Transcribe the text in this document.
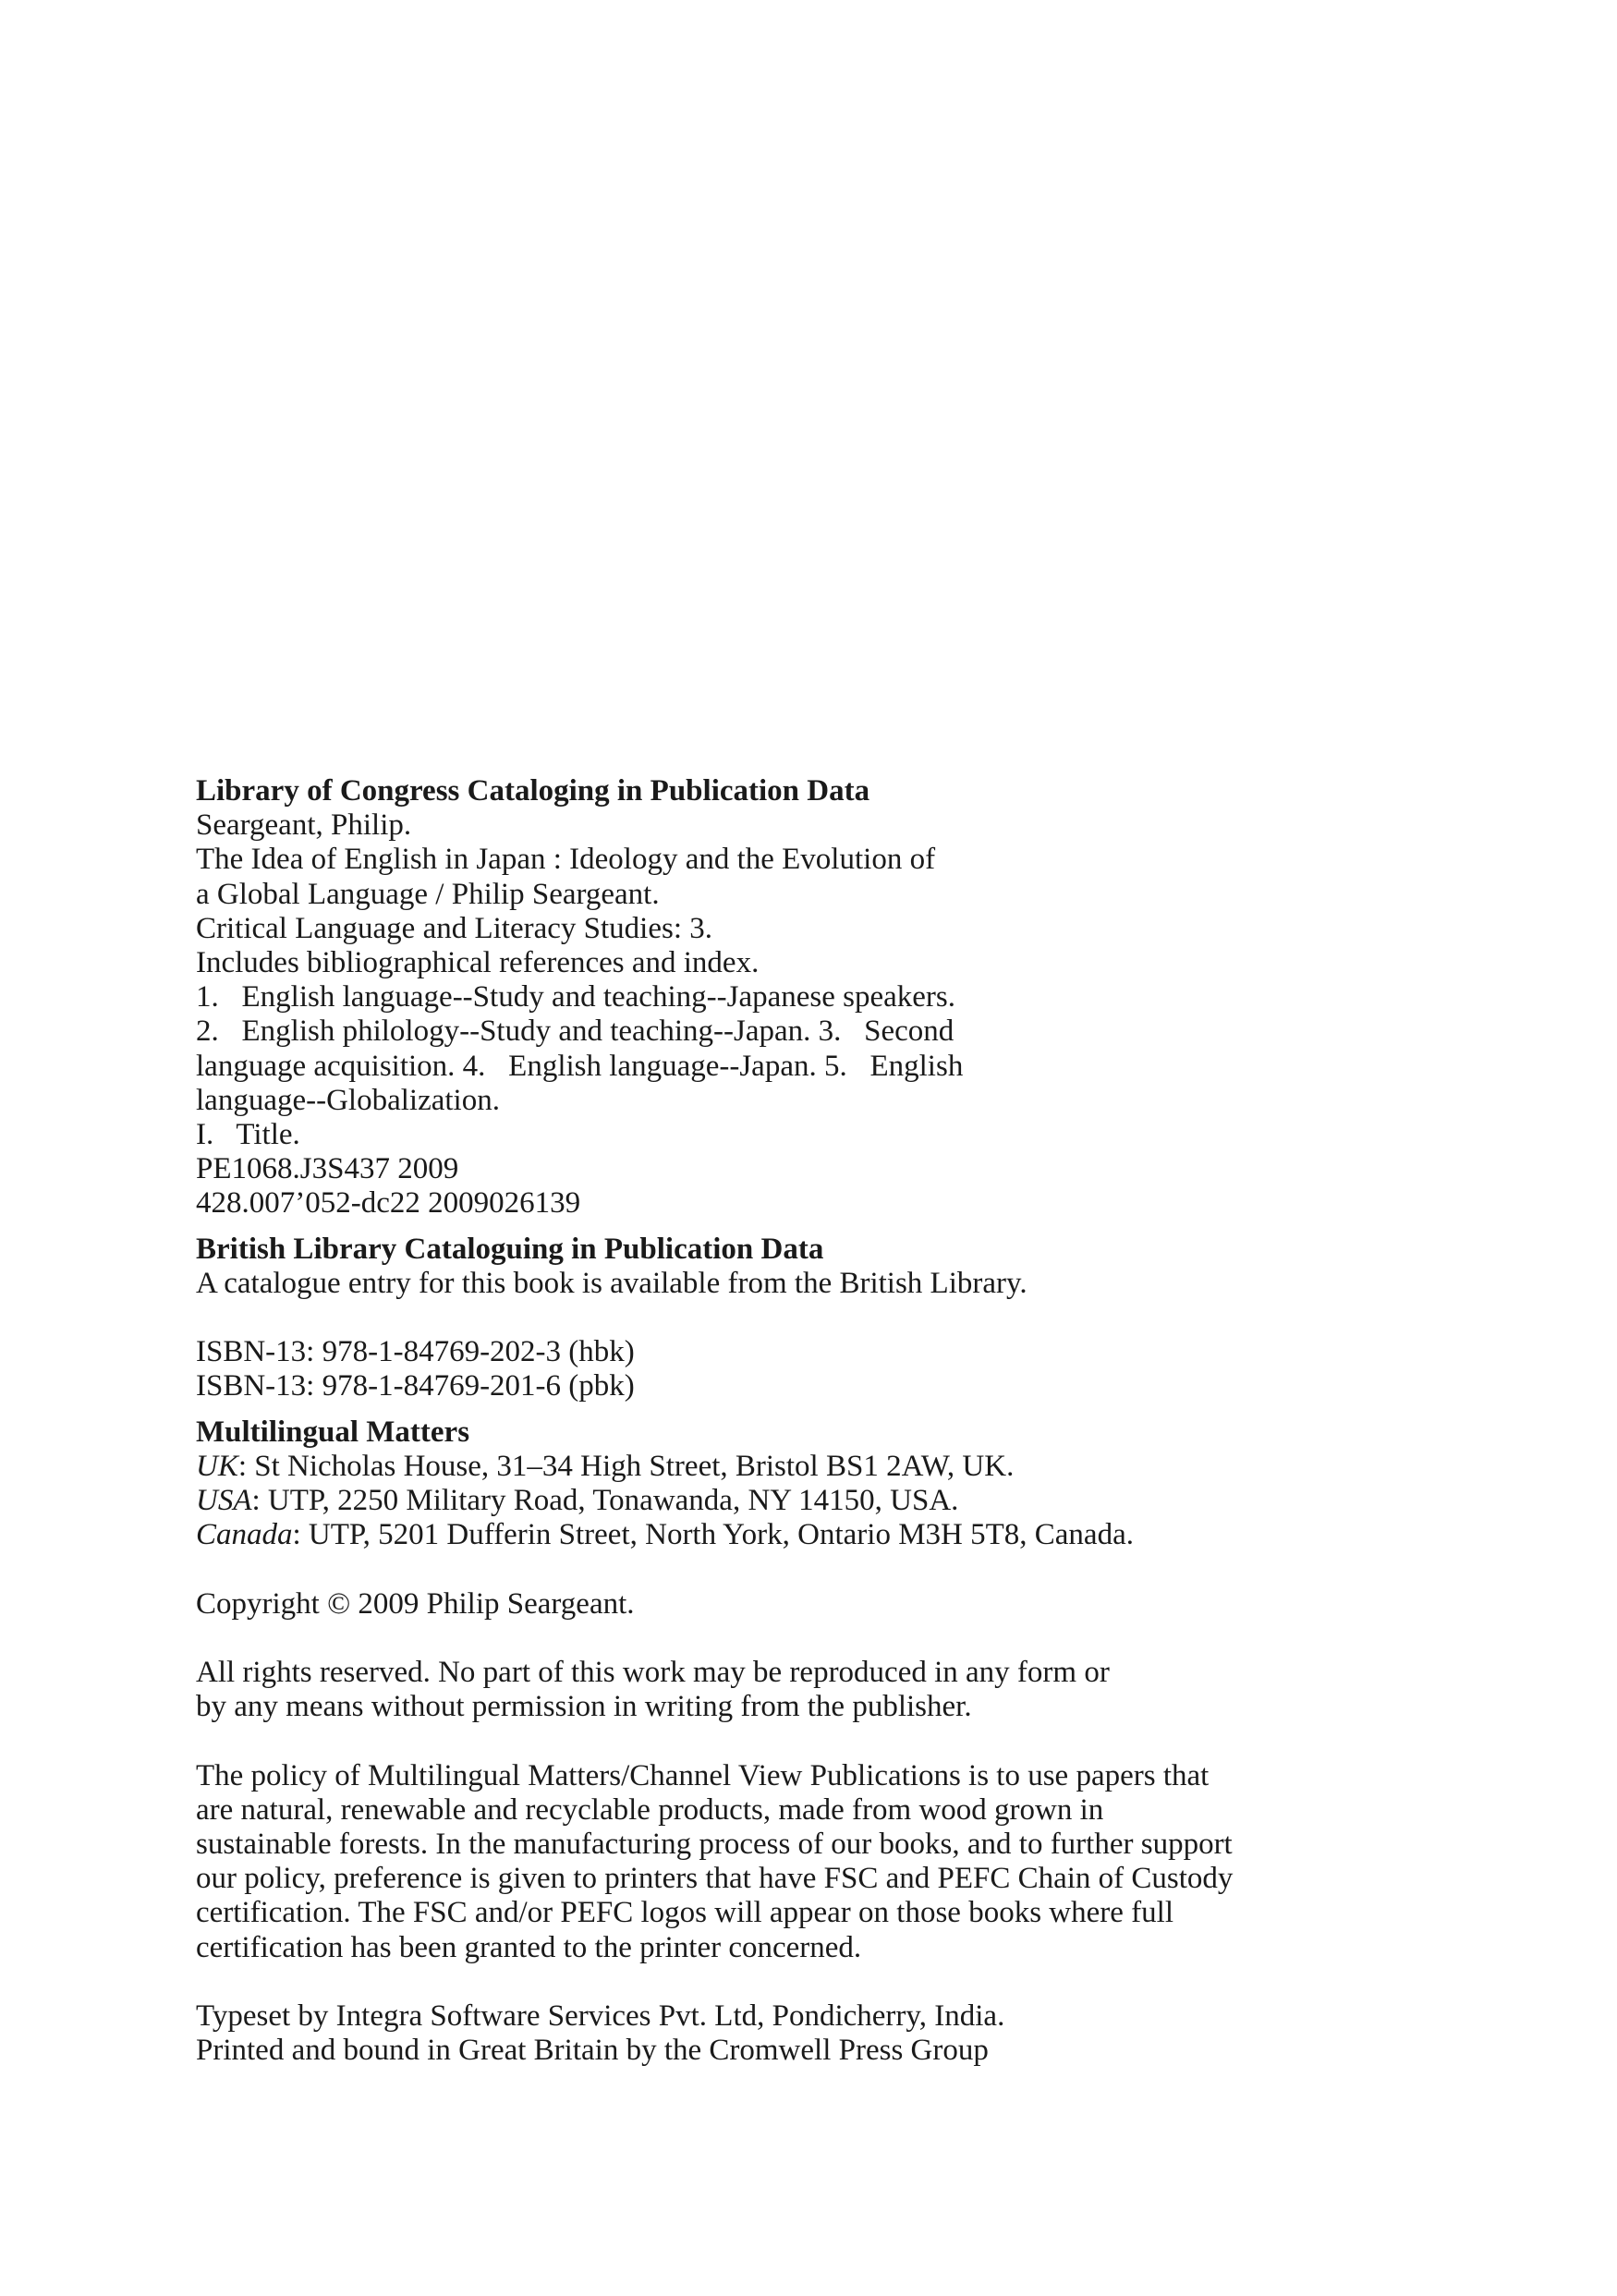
Library of Congress Cataloging in Publication Data
Seargeant, Philip.
The Idea of English in Japan : Ideology and the Evolution of
a Global Language / Philip Seargeant.
Critical Language and Literacy Studies: 3.
Includes bibliographical references and index.
1.   English language--Study and teaching--Japanese speakers.
2.   English philology--Study and teaching--Japan. 3.   Second
language acquisition. 4.   English language--Japan. 5.   English
language--Globalization.
I.   Title.
PE1068.J3S437 2009
428.007’052-dc22 2009026139
British Library Cataloguing in Publication Data
A catalogue entry for this book is available from the British Library.
ISBN-13: 978-1-84769-202-3 (hbk)
ISBN-13: 978-1-84769-201-6 (pbk)
Multilingual Matters
UK: St Nicholas House, 31–34 High Street, Bristol BS1 2AW, UK.
USA: UTP, 2250 Military Road, Tonawanda, NY 14150, USA.
Canada: UTP, 5201 Dufferin Street, North York, Ontario M3H 5T8, Canada.
Copyright © 2009 Philip Seargeant.
All rights reserved. No part of this work may be reproduced in any form or
by any means without permission in writing from the publisher.
The policy of Multilingual Matters/Channel View Publications is to use papers that
are natural, renewable and recyclable products, made from wood grown in
sustainable forests. In the manufacturing process of our books, and to further support
our policy, preference is given to printers that have FSC and PEFC Chain of Custody
certification. The FSC and/or PEFC logos will appear on those books where full
certification has been granted to the printer concerned.
Typeset by Integra Software Services Pvt. Ltd, Pondicherry, India.
Printed and bound in Great Britain by the Cromwell Press Group
